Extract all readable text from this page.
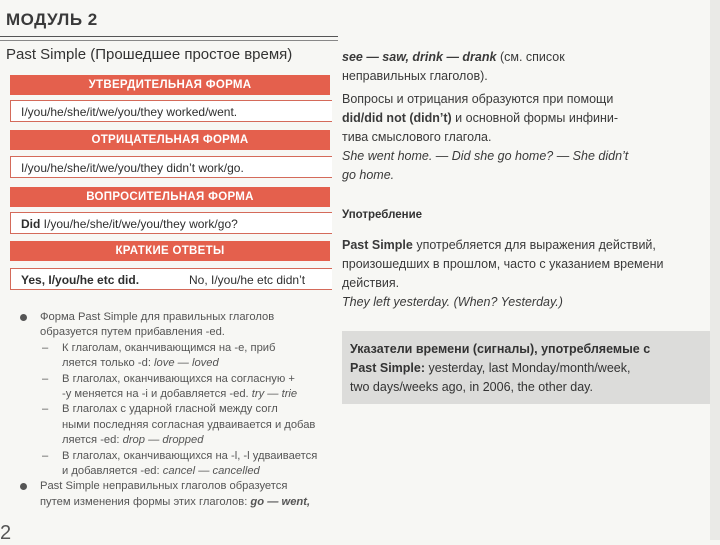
МОДУЛЬ 2
Past Simple (Прошедшее простое время)
УТВЕРДИТЕЛЬНАЯ ФОРМА
I/you/he/she/it/we/you/they worked/went.
ОТРИЦАТЕЛЬНАЯ ФОРМА
I/you/he/she/it/we/you/they didn’t work/go.
ВОПРОСИТЕЛЬНАЯ ФОРМА
Did I/you/he/she/it/we/you/they work/go?
КРАТКИЕ ОТВЕТЫ
Yes, I/you/he etc did.	No, I/you/he etc didn’t
Форма Past Simple для правильных глаголов
образуется путем прибавления -ed.
– К глаголам, оканчивающимся на -e, приб
ляется только -d: love — loved
– В глаголах, оканчивающихся на согласную +
-y меняется на -i и добавляется -ed. try — trie
– В глаголах с ударной гласной между согл
ными последняя согласная удваивается и добав
ляется -ed: drop — dropped
– В глаголах, оканчивающихся на -l, -l удваивается
и добавляется -ed: cancel — cancelled
Past Simple неправильных глаголов образуется
путем изменения формы этих глаголов: go — went,
2

see — saw, drink — drank (см. список

неправильных глаголов).

Вопросы и отрицания образуются при помощи

did/did not (didn’t) и основной формы инфини-

тива смыслового глагола.

She went home. — Did she go home? — She didn’t

go home.

Употребление

Past Simple употребляется для выражения действий,

произошедших в прошлом, часто с указанием времени

действия.

They left yesterday. (When? Yesterday.)

Указатели времени (сигналы), употребляемые с

Past Simple: yesterday, last Monday/month/week,

two days/weeks ago, in 2006, the other day.
